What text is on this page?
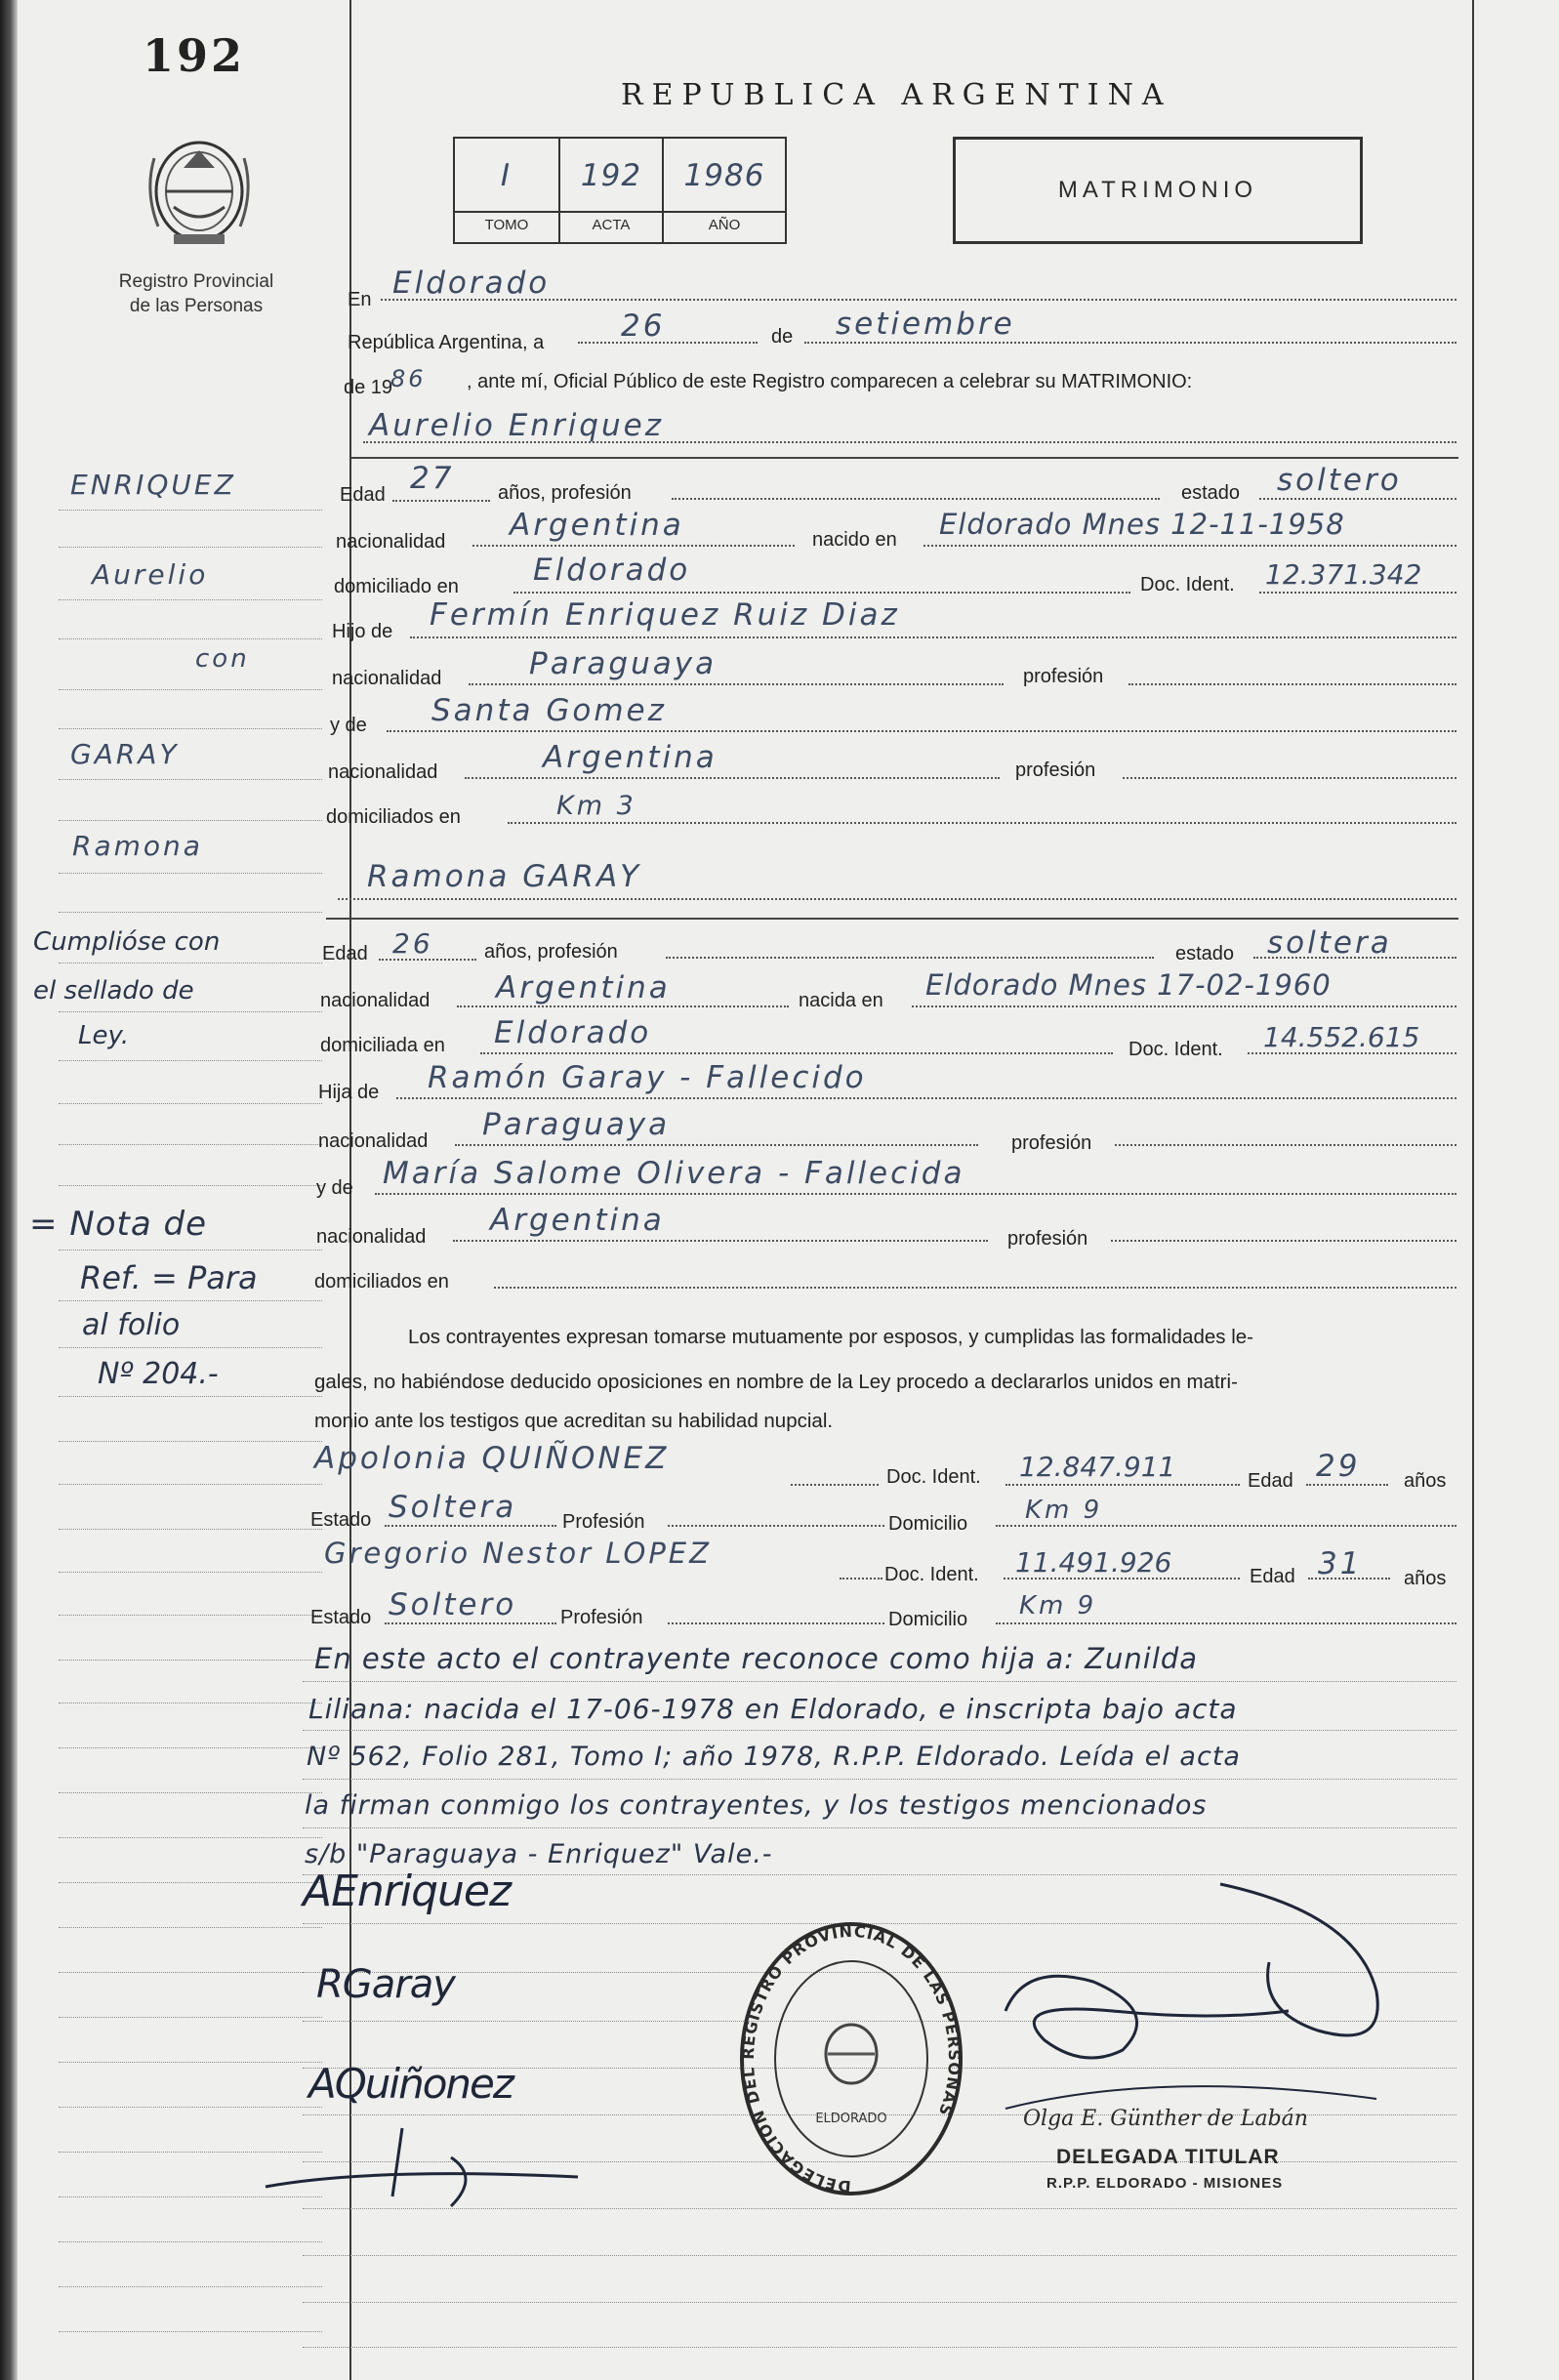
192
Registro Provincial
de las Personas
REPUBLICA ARGENTINA
I	192	1986
TOMO	ACTA	AÑO
MATRIMONIO
En Eldorado
República Argentina, a	26	de setiembre
de 19
86 , ante mí, Oficial Público de este Registro comparecen a celebrar su MATRIMONIO:
Aurelio Enriquez
ENRIQUEZ
Aurelio
con
GARAY
Ramona
Cumplióse con
el sellado de
Ley.
= Nota de
Ref. = Para
al folio
Nº 204.-
Edad 27 años, profesión	estado soltero
nacionalidad Argentina	nacido en Eldorado Mnes 12-11-1958
domiciliado en Eldorado	Doc. Ident. 12.371.342
Hijo de Fermín Enriquez Ruiz Diaz
nacionalidad	Paraguaya	profesión
y de Santa Gomez
nacionalidad	Argentina	profesión
domiciliados en	Km 3
Ramona GARAY
Edad 26	años, profesión	estado soltera
nacionalidad Argentina	nacida en Eldorado Mnes 17-02-1960
domiciliada en Eldorado	Doc. Ident. 14.552.615
Hija de Ramón Garay - Fallecido
nacionalidad Paraguaya
profesión
y de María Salome Olivera - Fallecida
nacionalidad Argentina
profesión
domiciliados en
Los contrayentes expresan tomarse mutuamente por esposos, y cumplidas las formalidades le-
gales, no habiéndose deducido oposiciones en nombre de la Ley procedo a declararlos unidos en matri-
monio ante los testigos que acreditan su habilidad nupcial.
Apolonia QUIÑONEZ
Doc. Ident. 12.847.911	Edad 29 años
Estado Soltera Profesión	Domicilio Km 9
Gregorio Nestor LOPEZ
Doc. Ident. 11.491.926	Edad 31 años
Estado Soltero Profesión	Domicilio Km 9
En este acto el contrayente reconoce como hija a: Zunilda
Liliana: nacida el 17-06-1978 en Eldorado, e inscripta bajo acta
Nº 562, Folio 281, Tomo I; año 1978, R.P.P. Eldorado. Leída el acta
la firman conmigo los contrayentes, y los testigos mencionados
s/b "Paraguaya - Enriquez" Vale.-
AEnriquez
RGaray
AQuiñonez
DELEGACION DEL REGISTRO PROVINCIAL DE LAS PERSONAS
ELDORADO	Olga E. Günther de Labán
DELEGADA TITULAR
R.P.P. ELDORADO - MISIONES
